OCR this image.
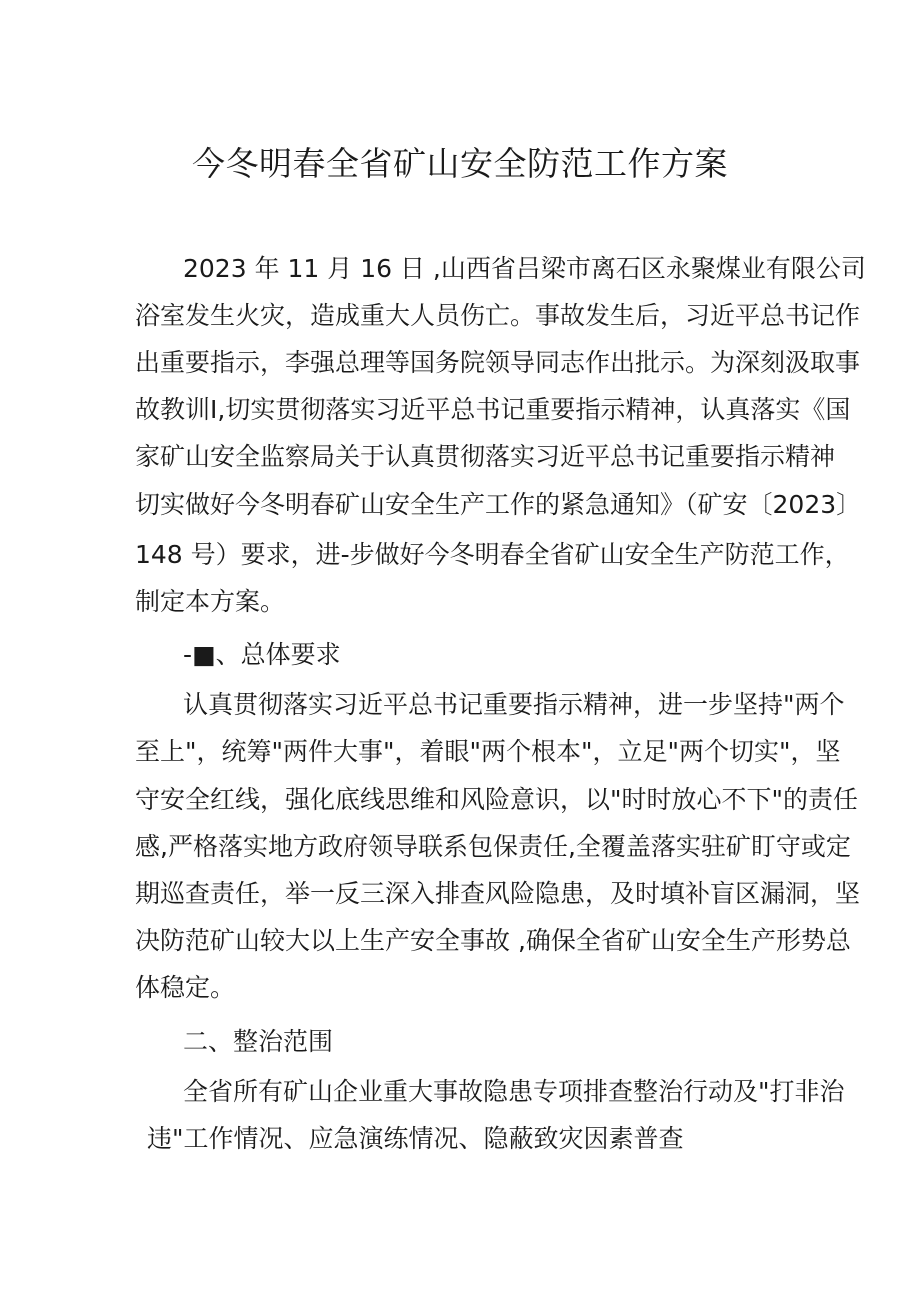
今冬明春全省矿山安全防范工作方案
2023 年 11 月 16 日 ,山西省吕梁市离石区永聚煤业有限公司
浴室发生火灾，造成重大人员伤亡。事故发生后，习近平总书记作
出重要指示，李强总理等国务院领导同志作出批示。为深刻汲取事
故教训I,切实贯彻落实习近平总书记重要指示精神，认真落实《国
家矿山安全监察局关于认真贯彻落实习近平总书记重要指示精神
切实做好今冬明春矿山安全生产工作的紧急通知》（矿安〔2023〕
148 号）要求，进-步做好今冬明春全省矿山安全生产防范工作，
制定本方案。
-■、总体要求
认真贯彻落实习近平总书记重要指示精神，进一步坚持"两个
至上"，统筹"两件大事"，着眼"两个根本"，立足"两个切实"，坚
守安全红线，强化底线思维和风险意识，以"时时放心不下"的责任
感,严格落实地方政府领导联系包保责任,全覆盖落实驻矿盯守或定
期巡查责任，举一反三深入排查风险隐患，及时填补盲区漏洞，坚
决防范矿山较大以上生产安全事故 ,确保全省矿山安全生产形势总
体稳定。
二、整治范围
全省所有矿山企业重大事故隐患专项排查整治行动及"打非治
违"工作情况、应急演练情况、隐蔽致灾因素普查
